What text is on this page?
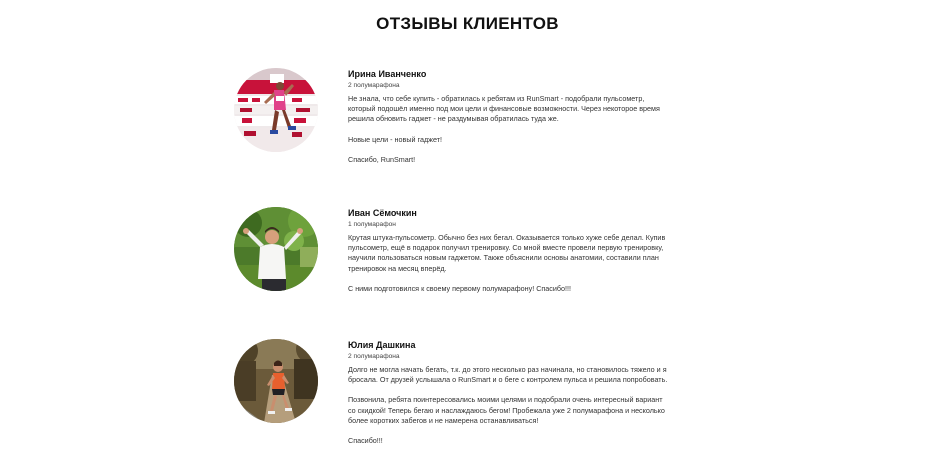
ОТЗЫВЫ КЛИЕНТОВ
Ирина Иванченко
2 полумарафона

Не знала, что себе купить - обратилась к ребятам из RunSmart - подобрали пульсометр, который подошёл именно под мои цели и финансовые возможности. Через некоторое время решила обновить гаджет - не раздумывая обратилась туда же.

Новые цели - новый гаджет!

Спасибо, RunSmart!

Иван Сёмочкин
1 полумарафон

Крутая штука-пульсометр. Обычно без них бегал. Оказывается только хуже себе делал. Купив пульсометр, ещё в подарок получил тренировку. Со мной вместе провели первую тренировку, научили пользоваться новым гаджетом. Также объяснили основы анатомии, составили план тренировок на месяц вперёд.

С ними подготовился к своему первому полумарафону! Спасибо!!!

Юлия Дашкина
2 полумарафона

Долго не могла начать бегать, т.к. до этого несколько раз начинала, но становилось тяжело и я бросала. От друзей услышала о RunSmart и о беге с контролем пульса и решила попробовать.

Позвонила, ребята поинтересовались моими целями и подобрали очень интересный вариант со скидкой! Теперь бегаю и наслаждаюсь бегом! Пробежала уже 2 полумарафона и несколько более коротких забегов и не намерена останавливаться!

Спасибо!!!
